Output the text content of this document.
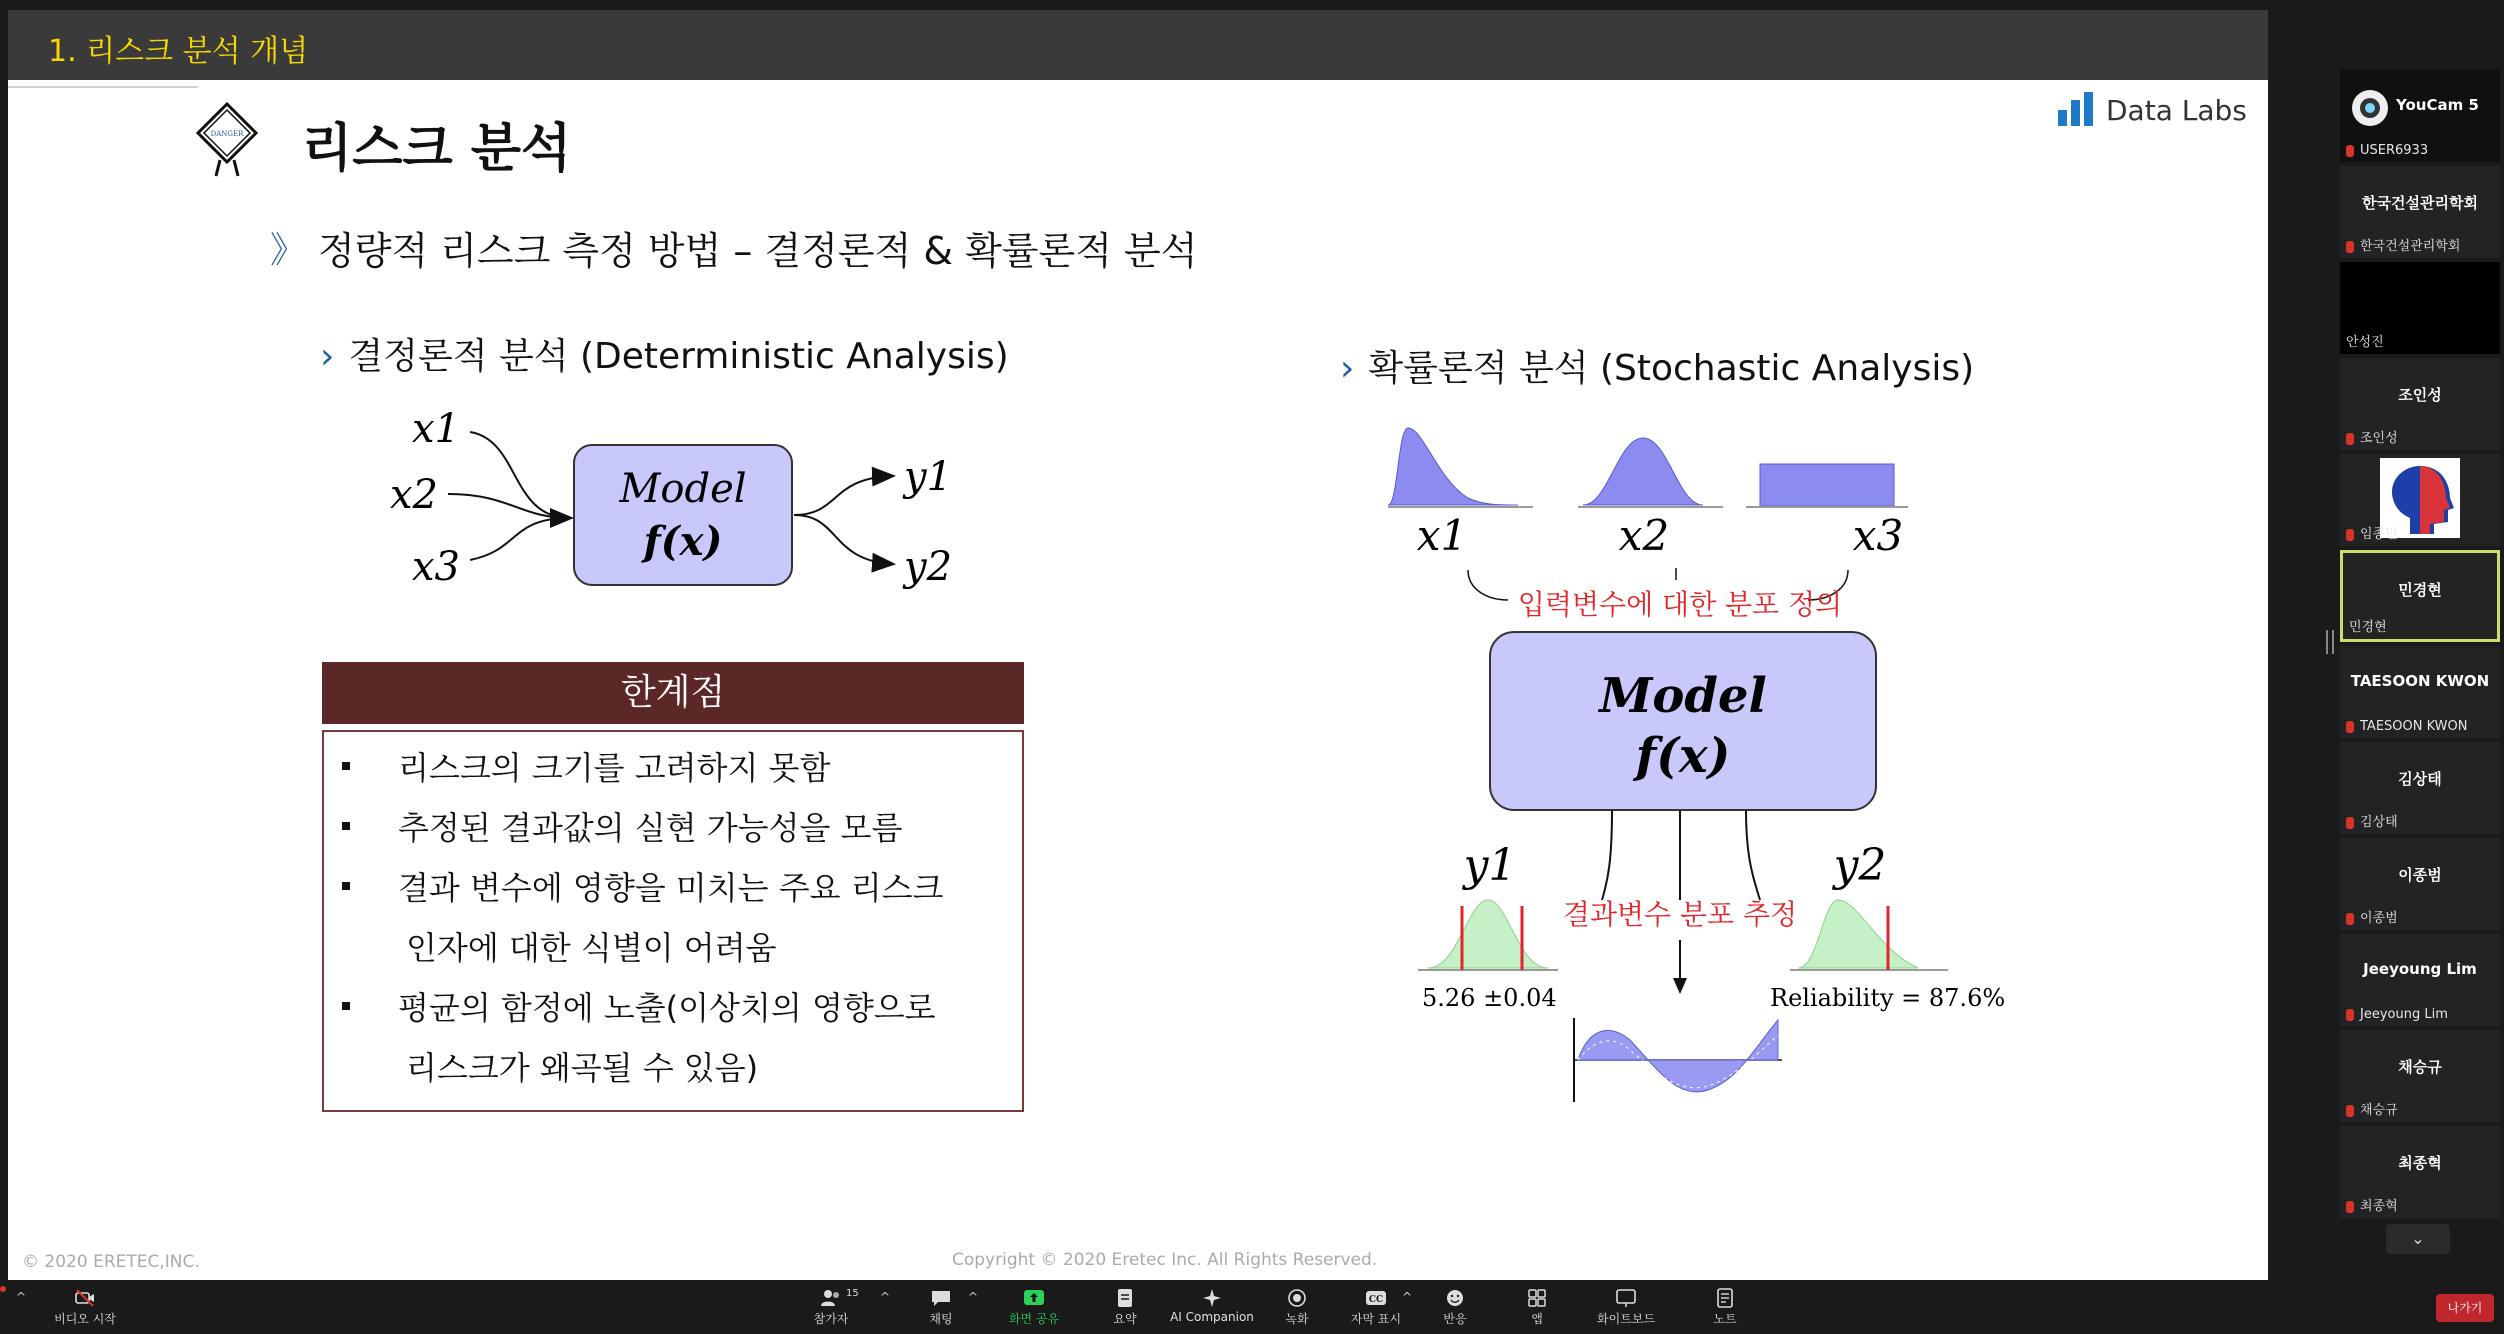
1. 리스크 분석 개념
DANGER 리스크 분석
Data Labs
》 정량적 리스크 측정 방법 – 결정론적 & 확률론적 분석
› 결정론적 분석 (Deterministic Analysis)	› 확률론적 분석 (Stochastic Analysis)
x1
x2
x3
Model
f(x)
y1
y2
한계점
리스크의 크기를 고려하지 못함
추정된 결과값의 실현 가능성을 모름
결과 변수에 영향을 미치는 주요 리스크
인자에 대한 식별이 어려움
평균의 함정에 노출(이상치의 영향으로
리스크가 왜곡될 수 있음)
x1	x2	x3
입력변수에 대한 분포 정의
Model
f(x)
y1	y2
결과변수 분포 추정
5.26 ±0.04	Reliability = 87.6%
© 2020 ERETEC,INC.	Copyright © 2020 Eretec Inc. All Rights Reserved.
YouCam 5
USER6933
한국건설관리학회
한국건설관리학회
안성진
조인성
조인성
임종민
민경현
민경현
TAESOON KWON
TAESOON KWON
김상태
김상태
이종범
이종범
Jeeyoung Lim
Jeeyoung Lim
채승규
채승규
최종혁
최종혁
⌄
^
비디오 시작	참가자
15 ^
채팅
^
화면 공유	요약	AI Companion	녹화
CC
자막 표시
^
반응	앱	화이트보드	노트
나가기
